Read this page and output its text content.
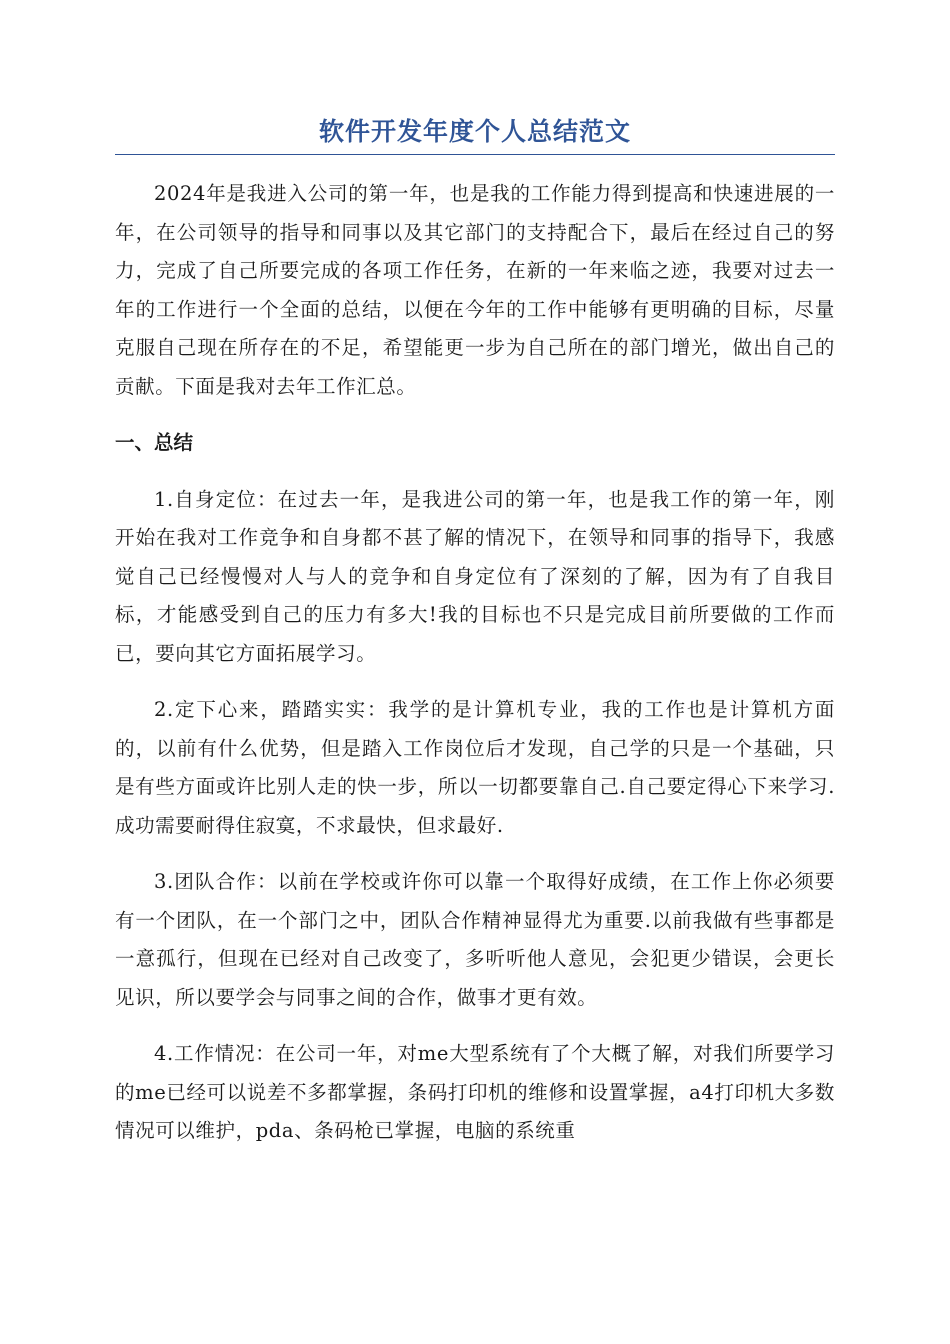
软件开发年度个人总结范文

2024年是我进入公司的第一年，也是我的工作能力得到提高和快速进展的一年，在公司领导的指导和同事以及其它部门的支持配合下，最后在经过自己的努力，完成了自己所要完成的各项工作任务，在新的一年来临之迹，我要对过去一年的工作进行一个全面的总结，以便在今年的工作中能够有更明确的目标，尽量克服自己现在所存在的不足，希望能更一步为自己所在的部门增光，做出自己的贡献。下面是我对去年工作汇总。

一、总结

1.自身定位：在过去一年，是我进公司的第一年，也是我工作的第一年，刚开始在我对工作竞争和自身都不甚了解的情况下，在领导和同事的指导下，我感觉自己已经慢慢对人与人的竞争和自身定位有了深刻的了解，因为有了自我目标，才能感受到自己的压力有多大!我的目标也不只是完成目前所要做的工作而已，要向其它方面拓展学习。

2.定下心来，踏踏实实：我学的是计算机专业，我的工作也是计算机方面的，以前有什么优势，但是踏入工作岗位后才发现，自己学的只是一个基础，只是有些方面或许比别人走的快一步，所以一切都要靠自己.自己要定得心下来学习.成功需要耐得住寂寞，不求最快，但求最好.

3.团队合作：以前在学校或许你可以靠一个取得好成绩，在工作上你必须要有一个团队，在一个部门之中，团队合作精神显得尤为重要.以前我做有些事都是一意孤行，但现在已经对自己改变了，多听听他人意见，会犯更少错误，会更长见识，所以要学会与同事之间的合作，做事才更有效。

4.工作情况：在公司一年，对me大型系统有了个大概了解，对我们所要学习的me已经可以说差不多都掌握，条码打印机的维修和设置掌握，a4打印机大多数情况可以维护，pda、条码枪已掌握，电脑的系统重
